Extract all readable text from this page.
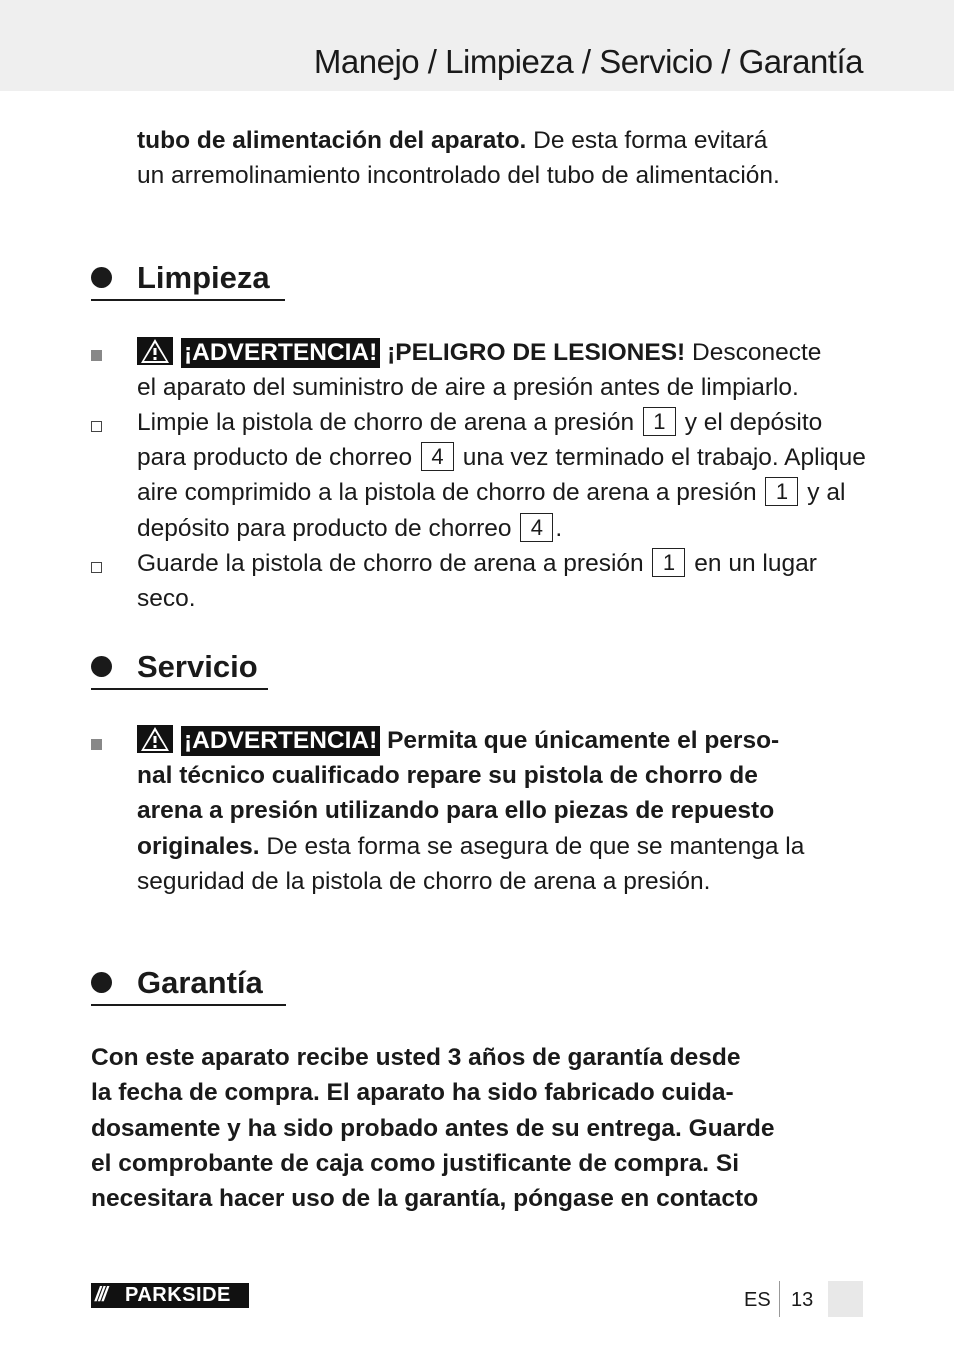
Manejo / Limpieza / Servicio / Garantía
tubo de alimentación del aparato. De esta forma evitará
un arremolinamiento incontrolado del tubo de alimentación.
Limpieza
¡ADVERTENCIA! ¡PELIGRO DE LESIONES! Desconecte
el aparato del suministro de aire a presión antes de limpiarlo.
Limpie la pistola de chorro de arena a presión 1 y el depósito
para producto de chorreo 4 una vez terminado el trabajo. Aplique
aire comprimido a la pistola de chorro de arena a presión 1 y al
depósito para producto de chorreo 4 .
Guarde la pistola de chorro de arena a presión 1 en un lugar seco.
Servicio
¡ADVERTENCIA! Permita que únicamente el perso-
nal técnico cualificado repare su pistola de chorro de
arena a presión utilizando para ello piezas de repuesto
originales. De esta forma se asegura de que se mantenga la
seguridad de la pistola de chorro de arena a presión.
Garantía
Con este aparato recibe usted 3 años de garantía desde
la fecha de compra. El aparato ha sido fabricado cuida-
dosamente y ha sido probado antes de su entrega. Guarde
el comprobante de caja como justificante de compra. Si
necesitara hacer uso de la garantía, póngase en contacto
/// PARKSIDE	ES 13
